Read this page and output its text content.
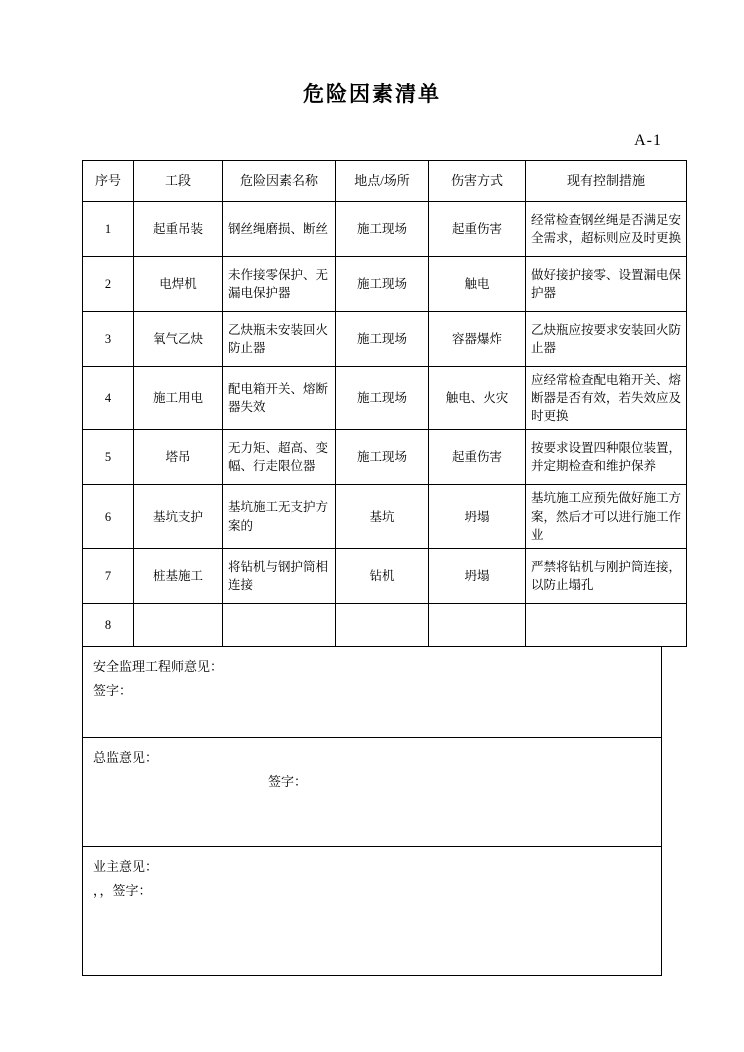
危险因素清单
A-1
序号	工段	危险因素名称	地点/场所	伤害方式	现有控制措施
1	起重吊装	钢丝绳磨损、断丝	施工现场	起重伤害	经常检查钢丝绳是否满足安全需求，超标则应及时更换
2	电焊机	未作接零保护、无漏电保护器	施工现场	触电	做好接护接零、设置漏电保护器
3	氧气乙炔	乙炔瓶未安装回火防止器	施工现场	容器爆炸	乙炔瓶应按要求安装回火防止器
4	施工用电	配电箱开关、熔断器失效	施工现场	触电、火灾	应经常检查配电箱开关、熔断器是否有效，若失效应及时更换
5	塔吊	无力矩、超高、变幅、行走限位器	施工现场	起重伤害	按要求设置四种限位装置，并定期检查和维护保养
6	基坑支护	基坑施工无支护方案的	基坑	坍塌	基坑施工应预先做好施工方案，然后才可以进行施工作业
7	桩基施工	将钻机与钢护筒相连接	钻机	坍塌	严禁将钻机与刚护筒连接，以防止塌孔
8					
安全监理工程师意见：
签字：

总监意见：
签字：

业主意见：
，，签字：
